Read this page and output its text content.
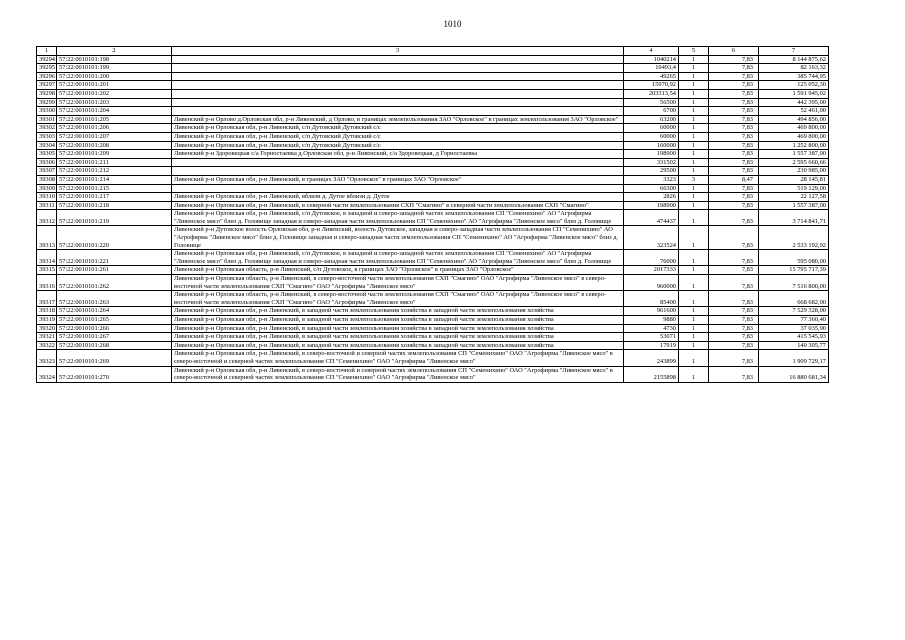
1010
1	2	3	4	5	6	7
39294	57:22:0010101:198		1040214	1	7,83	8 144 875,62
39295	57:22:0010101:199		10493,4	1	7,83	82 163,32
39296	57:22:0010101:200		49265	1	7,83	385 744,95
39297	57:22:0010101:201		15970,92	1	7,83	125 052,30
39298	57:22:0010101:202		203313,54	1	7,83	1 591 945,02
39299	57:22:0010101:203		56500	1	7,83	442 395,00
39300	57:22:0010101:204		6700	1	7,83	52 461,00
39301	57:22:0010101:205	Ливенский р-н Орлово д.Орловская обл, р-н Ливенский, д Орлово, в границах землепользования ЗАО "Орловское" в границах землепользования ЗАО "Орловское"	63200	1	7,83	494 856,00
39302	57:22:0010101:206	Ливенский р-н Орловская обл, р-н Ливенский, с/п Дутовский Дутовский с/с	60000	1	7,83	469 800,00
39303	57:22:0010101:207	Ливенский р-н Орловская обл, р-н Ливенский, с/п Дутовский Дутовский с/с	60000	1	7,83	469 800,00
39304	57:22:0010101:208	Ливенский р-н Орловская обл, р-н Ливенский, с/п Дутовский Дутовский с/с	160000	1	7,83	1 252 800,00
39305	57:22:0010101:209	Ливенский р-н Здоровецкая с/а Горностаевка д.Орловская обл, р-н Ливенский, с/а Здоровецкая, д Горностаевка	198900	1	7,83	1 557 387,00
39306	57:22:0010101:211		331502	1	7,83	2 595 660,66
39307	57:22:0010101:212		29500	1	7,83	230 985,00
39308	57:22:0010101:214	Ливенский р-н Орловская обл, р-н Ливенский, в границах ЗАО "Орловское" в границах ЗАО "Орловское"	3323	3	8,47	28 145,81
39309	57:22:0010101:215		66300	1	7,83	519 129,00
39310	57:22:0010101:217	Ливенский р-н Орловская обл, р-н Ливенский, вблизи д. Дутое вблизи д. Дутое	2826	1	7,83	22 127,58
39311	57:22:0010101:218	Ливенский р-н Орловская обл, р-н Ливенский, в северной части землепользования СХП "Смагино" в северной части землепользования СХП "Смагино"	198900	1	7,83	1 557 387,00
39312	57:22:0010101:219	Ливенский р-н Орловская обл, р-н Ливенский, с/п Дутовское, в западной и северо-западной частях землепользования СП "Семенихино" АО "Агрофирма "Ливенское мясо" близ д. Головище западная и северо-западная части землепользования СП "Семенихино" АО "Агрофирма "Ливенское мясо" близ д. Головище	474437	1	7,83	3 714 841,71
39313	57:22:0010101:220	Ливенский р-н Дутовское волость Орловская обл, р-н Ливенский, волость Дутовское, западная и северо-западная части землепользования СП "Семенихино" АО "Агрофирма "Ливенское мясо" близ д. Головище западная и северо-западная части землепользования СП "Семенихино" АО "Агрофирма "Ливенское мясо" близ д. Головище	323524	1	7,83	2 533 192,92
39314	57:22:0010101:221	Ливенский р-н Орловская обл, р-н Ливенский, с/п Дутовское, в западной и северо-западной частях землепользования СП "Семенихино" АО "Агрофирма "Ливенское мясо" близ д. Головище западная и северо-западная части землепользования СП "Семенихино" АО "Агрофирма "Ливенское мясо" близ д. Головище	76000	1	7,83	595 080,00
39315	57:22:0010101:261	Ливенский р-н Орловская область, р-н Ливенский, с/п Дутовское, в границах ЗАО "Орловское" в границах ЗАО "Орловское"	2017333	1	7,83	15 795 717,39
39316	57:22:0010101:262	Ливенский р-н Орловская область, р-н Ливенский, в северо-восточной части землепользования СХП "Смагино" ОАО "Агрофирма "Ливенское мясо" в северо-восточной части землепользования СХП "Смагино" ОАО "Агрофирма "Ливенское мясо"	960000	1	7,83	7 516 800,00
39317	57:22:0010101:263	Ливенский р-н Орловская область, р-н Ливенский, в северо-восточной части землепользования СХП "Смагино" ОАО "Агрофирма "Ливенское мясо" в северо-восточной части землепользования СХП "Смагино" ОАО "Агрофирма "Ливенское мясо"	85400	1	7,83	668 682,00
39318	57:22:0010101:264	Ливенский р-н Орловская обл, р-н Ливенский, в западной части землепользования хозяйства в западной части землепользования хозяйства	961600	1	7,83	7 529 328,00
39319	57:22:0010101:265	Ливенский р-н Орловская обл, р-н Ливенский, в западной части землепользования хозяйства в западной части землепользования хозяйства	9880	1	7,83	77 360,40
39320	57:22:0010101:266	Ливенский р-н Орловская обл, р-н Ливенский, в западной части землепользования хозяйства в западной части землепользования хозяйства	4730	1	7,83	37 035,90
39321	57:22:0010101:267	Ливенский р-н Орловская обл, р-н Ливенский, в западной части землепользования хозяйства в западной части землепользования хозяйства	53071	1	7,83	415 545,93
39322	57:22:0010101:268	Ливенский р-н Орловская обл, р-н Ливенский, в западной части землепользования хозяйства в западной части землепользования хозяйства	17919	1	7,83	140 305,77
39323	57:22:0010101:269	Ливенский р-н Орловская обл, р-н Ливенский, в северо-восточной и северной частях землепользования СП "Семенихино" ОАО "Агрофирма "Ливенское мясо" в северо-восточной и северной частях землепользования СП "Семенихино" ОАО "Агрофирма "Ливенское мясо"	243899	1	7,83	1 909 729,17
39324	57:22:0010101:270	Ливенский р-н Орловская обл, р-н Ливенский, в северо-восточной и северной частях землепользования СП "Семенихино" ОАО "Агрофирма "Ливенское мясо" в северо-восточной и северной частях землепользования СП "Семенихино" ОАО "Агрофирма "Ливенское мясо"	2155898	1	7,83	16 880 681,34
